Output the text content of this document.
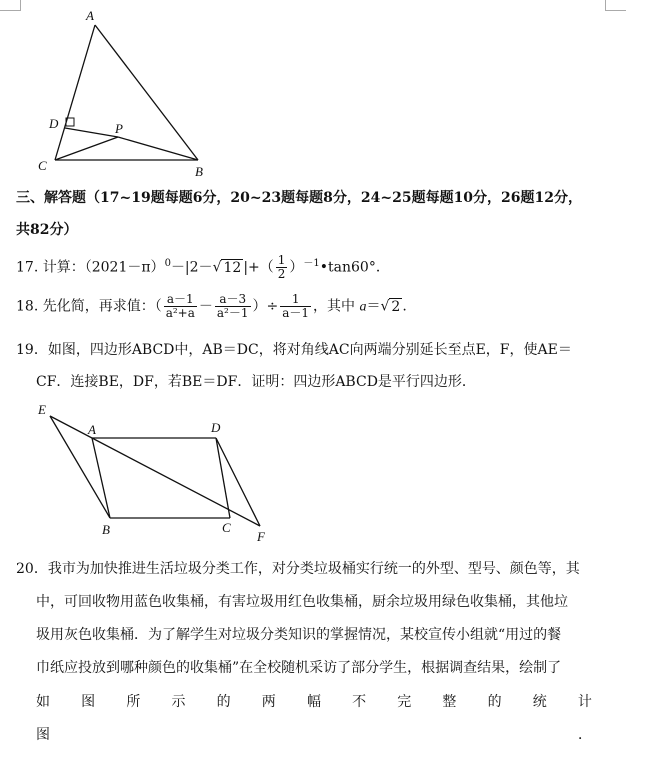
A
D	P
C	B
三、解答题（17~19题每题6分，20~23题每题8分，24~25题每题10分，26题12分，
共82分）
17. 计算：$(2021-\pi)^0-|2-√$ 12 |+（ $\frac{1}{2}$ ）$^{-1}$•tan60°．
18. 先化简，再求值：（ $\frac{a-1}{\text{a²+a}} - \frac{a-3}{\text{a²－1}}$ ）÷ $\frac{1}{a-1}$ ，其中 a＝√ 2 .
19．如图，四边形ABCD中，AB＝DC，将对角线AC向两端分别延长至点E，F，使AE＝
CF．连接BE，DF，若BE＝DF．证明：四边形ABCD是平行四边形．
E
A	D
B	C
F
20．我市为加快推进生活垃圾分类工作，对分类垃圾桶实行统一的外型、型号、颜色等，其
中，可回收物用蓝色收集桶，有害垃圾用红色收集桶，厨余垃圾用绿色收集桶，其他垃
圾用灰色收集桶．为了解学生对垃圾分类知识的掌握情况，某校宣传小组就“用过的餐
巾纸应投放到哪种颜色的收集桶”在全校随机采访了部分学生，根据调查结果，绘制了
如 图 所 示 的 两 幅 不 完 整 的 统 计
图	．
